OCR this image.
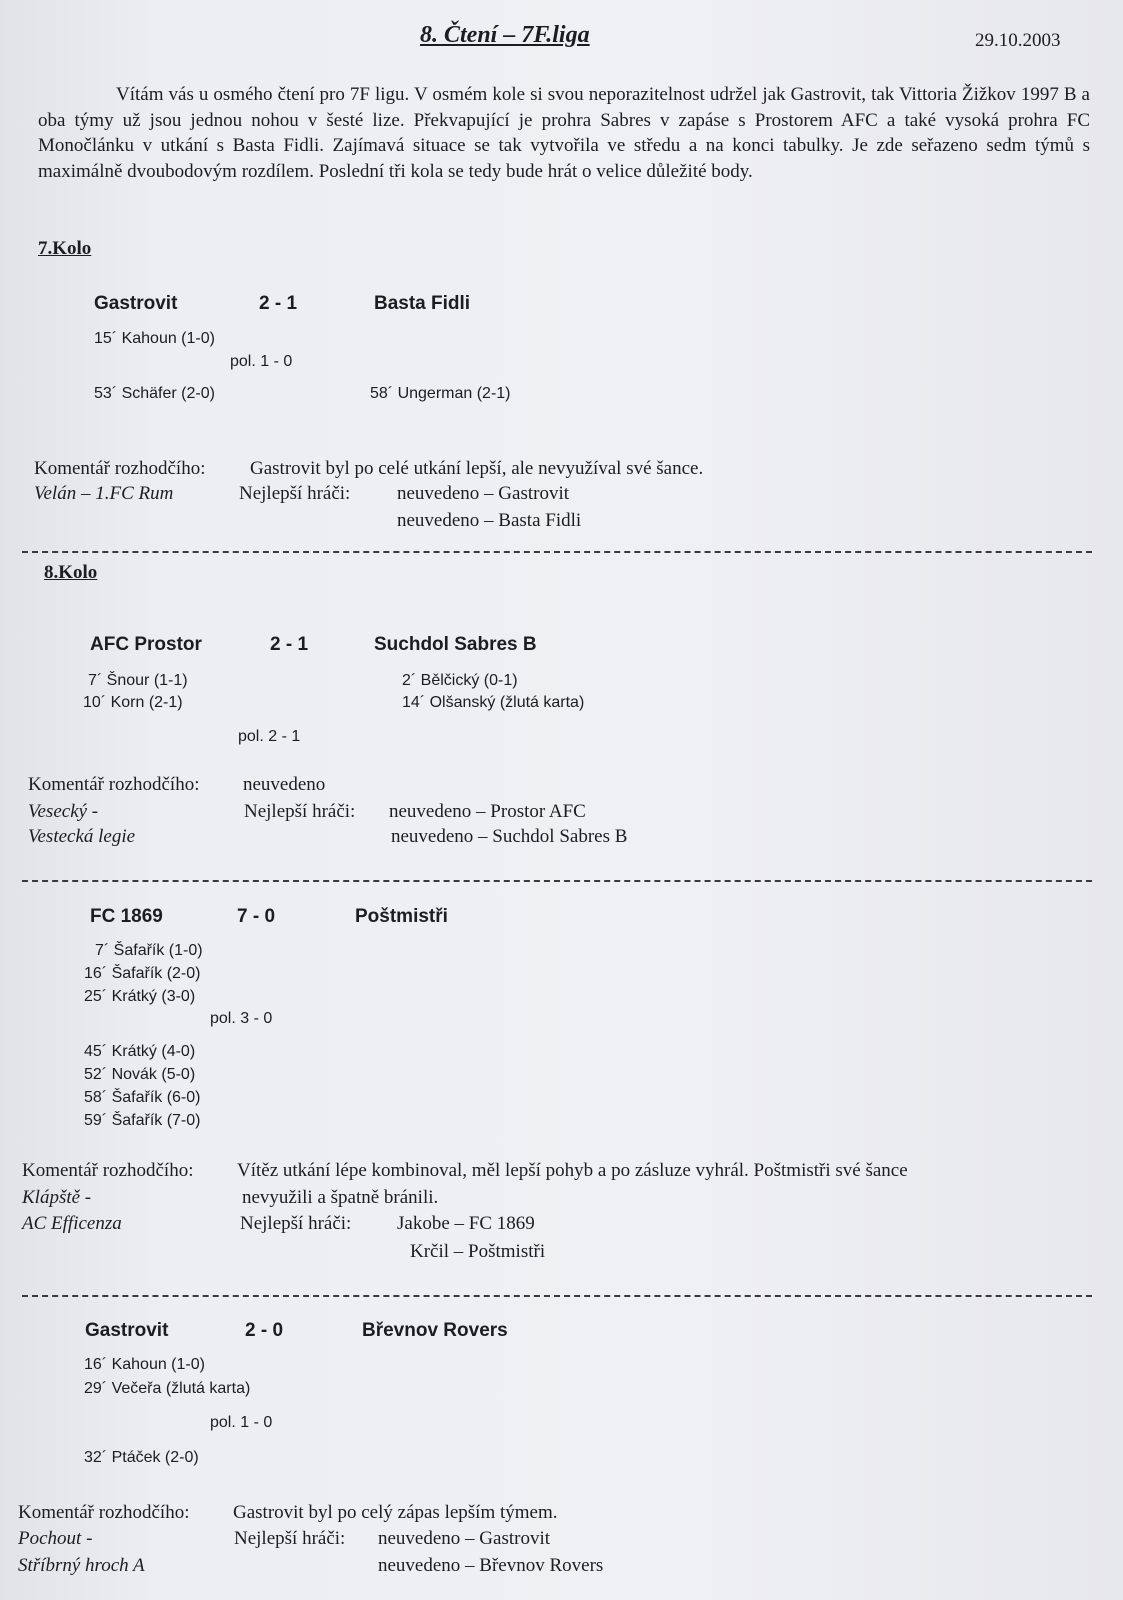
8. Čtení – 7F.liga	29.10.2003
Vítám vás u osmého čtení pro 7F ligu. V osmém kole si svou neporazitelnost udržel jak Gastrovit, tak Vittoria Žižkov 1997 B a oba týmy už jsou jednou nohou v šesté lize. Překvapující je prohra Sabres v zapáse s Prostorem AFC a také vysoká prohra FC Monočlánku v utkání s Basta Fidli. Zajímavá situace se tak vytvořila ve středu a na konci tabulky. Je zde seřazeno sedm týmů s maximálně dvoubodovým rozdílem. Poslední tři kola se tedy bude hrát o velice důležité body.
7.Kolo
Gastrovit	2 - 1	Basta Fidli
15´ Kahoun (1-0)
pol. 1 - 0
53´ Schäfer (2-0)	58´ Ungerman (2-1)
Komentář rozhodčího: Gastrovit byl po celé utkání lepší, ale nevyužíval své šance.
Velán – 1.FC Rum	Nejlepší hráči: neuvedeno – Gastrovit
neuvedeno – Basta Fidli
8.Kolo
AFC Prostor	2 - 1	Suchdol Sabres B
7´ Šnour (1-1)
10´ Korn (2-1)
2´ Bělčický (0-1)
14´ Olšanský (žlutá karta)
pol. 2 - 1
Komentář rozhodčího: neuvedeno
Vesecký -
Vestecká legie
Nejlepší hráči: neuvedeno – Prostor AFC
neuvedeno – Suchdol Sabres B
FC 1869	7 - 0	Poštmistři
7´ Šafařík (1-0)
16´ Šafařík (2-0)
25´ Krátký (3-0)
pol. 3 - 0
45´ Krátký (4-0)
52´ Novák (5-0)
58´ Šafařík (6-0)
59´ Šafařík (7-0)
Komentář rozhodčího: Vítěz utkání lépe kombinoval, měl lepší pohyb a po zásluze vyhrál. Poštmistři své šance
nevyužili a špatně bránili.
Klápště -
AC Efficenza	Nejlepší hráči: Jakobe – FC 1869
Krčil – Poštmistři
Gastrovit	2 - 0	Břevnov Rovers
16´ Kahoun (1-0)
29´ Večeřa (žlutá karta)
pol. 1 - 0
32´ Ptáček (2-0)
Komentář rozhodčího: Gastrovit byl po celý zápas lepším týmem.
Pochout -
Stříbrný hroch A
Nejlepší hráči: neuvedeno – Gastrovit
neuvedeno – Břevnov Rovers
